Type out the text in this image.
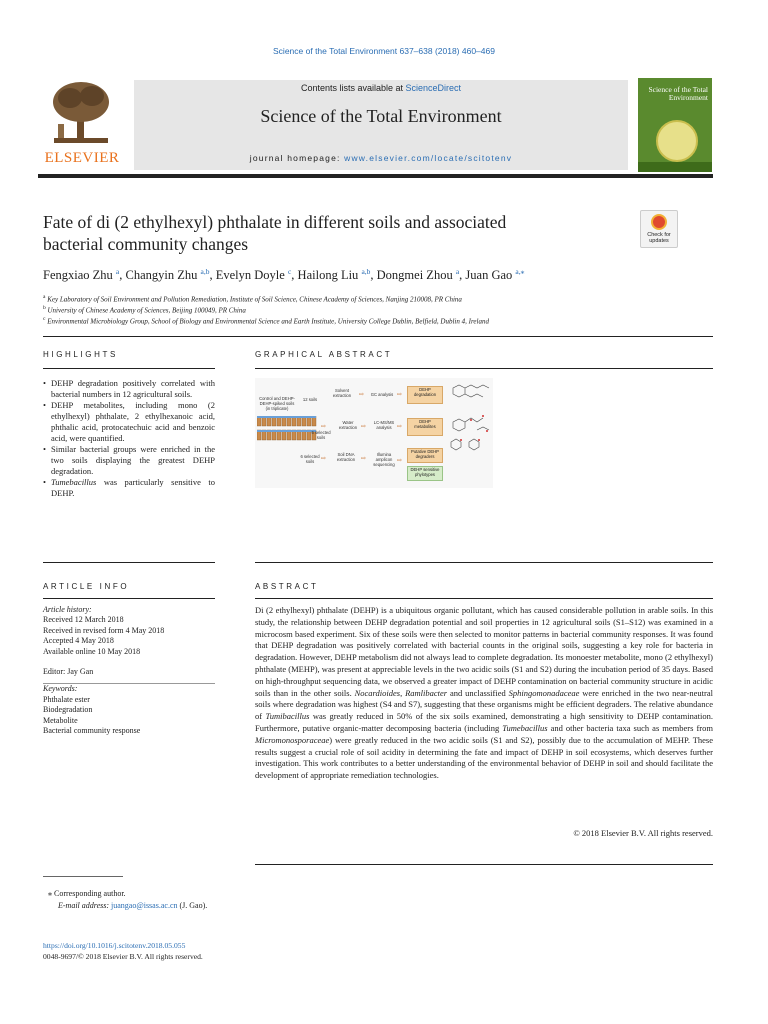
Science of the Total Environment 637–638 (2018) 460–469
ELSEVIER
Contents lists available at ScienceDirect
Science of the Total Environment
journal homepage: www.elsevier.com/locate/scitotenv
Science of the Total Environment
Fate of di (2 ethylhexyl) phthalate in different soils and associated
bacterial community changes	Check for updates
Fengxiao Zhu $^a$, Changyin Zhu $^{a,b}$, Evelyn Doyle $^c$, Hailong Liu $^{a,b}$, Dongmei Zhou $^a$, Juan Gao $^{a,⁎}$
$^a$ Key Laboratory of Soil Environment and Pollution Remediation, Institute of Soil Science, Chinese Academy of Sciences, Nanjing 210008, PR China
$^b$ University of Chinese Academy of Sciences, Beijing 100049, PR China
$^c$ Environmental Microbiology Group, School of Biology and Environmental Science and Earth Institute, University College Dublin, Belfield, Dublin 4, Ireland
HIGHLIGHTS	GRAPHICAL ABSTRACT
• DEHP degradation positively correlated with bacterial numbers in 12 agricultural soils.
• DEHP metabolites, including mono (2 ethylhexyl) phthalate, 2 ethylhexanoic acid, phthalic acid, protocatechuic acid and benzoic acid, were quantified.
• Similar bacterial groups were enriched in the two soils displaying the greatest DEHP degradation.
• Tumebacillus was particularly sensitive to DEHP.
Control and DEHP-DEHP-spiked soils (in triplicate)
12 soils
6 selected soils
6 selected soils
Solvent extraction	⇨	GC analysis ⇨
DEHP degradation
⇨
Water extraction ⇨
LC-MS/MS analysis ⇨
DEHP metabolites
⇨
Soil DNA extraction ⇨
Illumina amplicon sequencing
⇨
Putative DEHP degraders
DEHP sensitive phylotypes
ARTICLE INFO	ABSTRACT
Article history:
Received 12 March 2018
Received in revised form 4 May 2018
Accepted 4 May 2018
Available online 10 May 2018
Editor: Jay Gan
Keywords:
Phthalate ester
Biodegradation
Metabolite
Bacterial community response
Di (2 ethylhexyl) phthalate (DEHP) is a ubiquitous organic pollutant, which has caused considerable pollution in arable soils. In this study, the relationship between DEHP degradation potential and soil properties in 12 agricultural soils (S1–S12) was examined in a microcosm based experiment. Six of these soils were then selected to monitor patterns in bacterial community responses. It was found that DEHP degradation was positively correlated with bacterial counts in the original soils, suggesting a key role for bacteria in degradation. However, DEHP metabolism did not always lead to complete degradation. Its monoester metabolite, mono (2 ethylhexyl) phthalate (MEHP), was present at appreciable levels in the two acidic soils (S1 and S2) during the incubation period of 35 days. Based on high-throughput sequencing data, we observed a greater impact of DEHP contamination on bacterial community structure in acidic soils than in the other soils. Nocardioides, Ramlibacter and unclassified Sphingomonadaceae were enriched in the two near-neutral soils where degradation was highest (S4 and S7), suggesting that these organisms might be efficient degraders. The relative abundance of Tumibacillus was greatly reduced in 50% of the six soils examined, demonstrating a high sensitivity to DEHP contamination. Furthermore, putative organic-matter decomposing bacteria (including Tumebacillus and other bacteria taxa such as members from Micromonosporaceae) were greatly reduced in the two acidic soils (S1 and S2), possibly due to the accumulation of MEHP. These results suggest a crucial role of soil acidity in determining the fate and impact of DEHP in soil ecosystems, which deserves further investigation. This work contributes to a better understanding of the environmental behavior of DEHP in soil and should facilitate the development of appropriate remediation technologies.
© 2018 Elsevier B.V. All rights reserved.
⁎ Corresponding author.
E-mail address: juangao@issas.ac.cn (J. Gao).
https://doi.org/10.1016/j.scitotenv.2018.05.055
0048-9697/© 2018 Elsevier B.V. All rights reserved.
